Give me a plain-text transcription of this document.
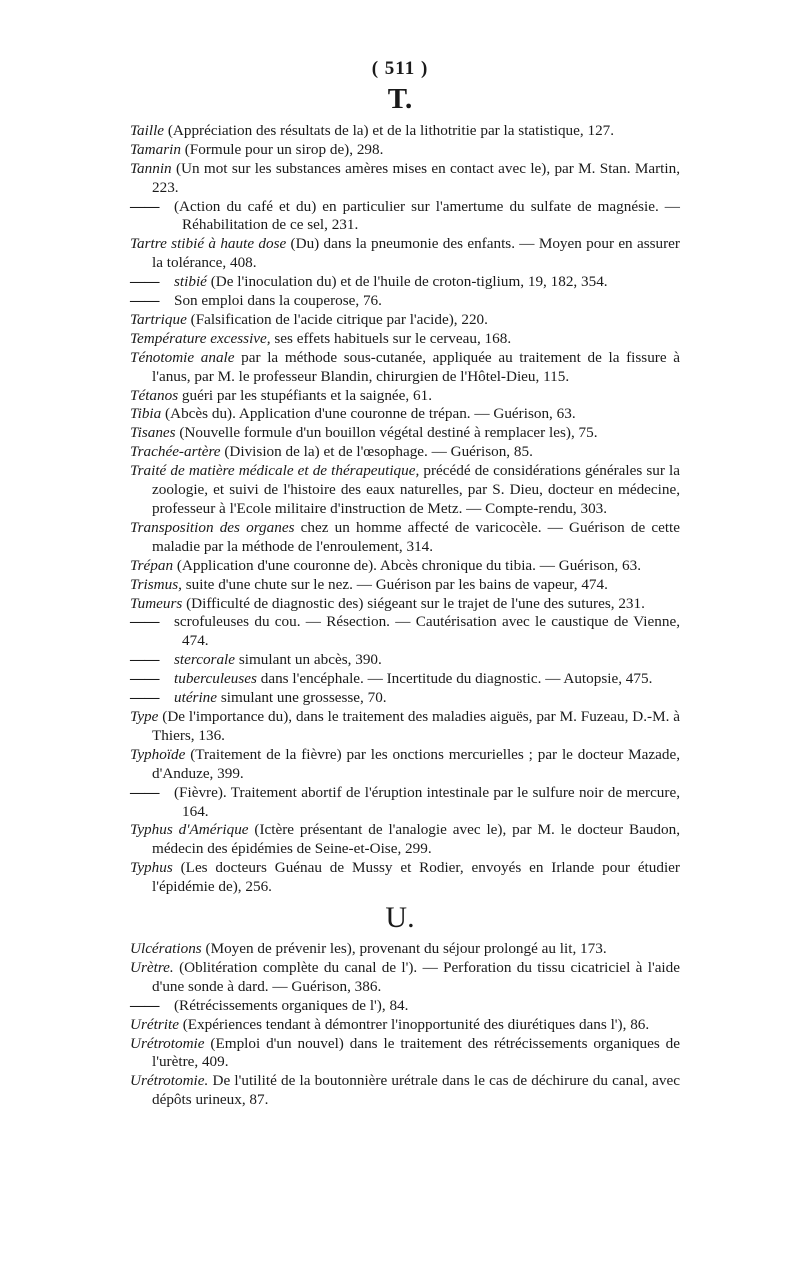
( 511 )
T.
Taille (Appréciation des résultats de la) et de la lithotritie par la statistique, 127.
Tamarin (Formule pour un sirop de), 298.
Tannin (Un mot sur les substances amères mises en contact avec le), par M. Stan. Martin, 223.
—— (Action du café et du) en particulier sur l'amertume du sulfate de magnésie. — Réhabilitation de ce sel, 231.
Tartre stibié à haute dose (Du) dans la pneumonie des enfants. — Moyen pour en assurer la tolérance, 408.
—— stibié (De l'inoculation du) et de l'huile de croton-tiglium, 19, 182, 354.
—— Son emploi dans la couperose, 76.
Tartrique (Falsification de l'acide citrique par l'acide), 220.
Température excessive, ses effets habituels sur le cerveau, 168.
Ténotomie anale par la méthode sous-cutanée, appliquée au traitement de la fissure à l'anus, par M. le professeur Blandin, chirurgien de l'Hôtel-Dieu, 115.
Tétanos guéri par les stupéfiants et la saignée, 61.
Tibia (Abcès du). Application d'une couronne de trépan. — Guérison, 63.
Tisanes (Nouvelle formule d'un bouillon végétal destiné à remplacer les), 75.
Trachée-artère (Division de la) et de l'œsophage. — Guérison, 85.
Traité de matière médicale et de thérapeutique, précédé de considérations générales sur la zoologie, et suivi de l'histoire des eaux naturelles, par S. Dieu, docteur en médecine, professeur à l'Ecole militaire d'instruction de Metz. — Compte-rendu, 303.
Transposition des organes chez un homme affecté de varicocèle. — Guérison de cette maladie par la méthode de l'enroulement, 314.
Trépan (Application d'une couronne de). Abcès chronique du tibia. — Guérison, 63.
Trismus, suite d'une chute sur le nez. — Guérison par les bains de vapeur, 474.
Tumeurs (Difficulté de diagnostic des) siégeant sur le trajet de l'une des sutures, 231.
—— scrofuleuses du cou. — Résection. — Cautérisation avec le caustique de Vienne, 474.
—— stercorale simulant un abcès, 390.
—— tuberculeuses dans l'encéphale. — Incertitude du diagnostic. — Autopsie, 475.
—— utérine simulant une grossesse, 70.
Type (De l'importance du), dans le traitement des maladies aiguës, par M. Fuzeau, D.-M. à Thiers, 136.
Typhoïde (Traitement de la fièvre) par les onctions mercurielles ; par le docteur Mazade, d'Anduze, 399.
—— (Fièvre). Traitement abortif de l'éruption intestinale par le sulfure noir de mercure, 164.
Typhus d'Amérique (Ictère présentant de l'analogie avec le), par M. le docteur Baudon, médecin des épidémies de Seine-et-Oise, 299.
Typhus (Les docteurs Guénau de Mussy et Rodier, envoyés en Irlande pour étudier l'épidémie de), 256.
U.
Ulcérations (Moyen de prévenir les), provenant du séjour prolongé au lit, 173.
Urètre. (Oblitération complète du canal de l'). — Perforation du tissu cicatriciel à l'aide d'une sonde à dard. — Guérison, 386.
—— (Rétrécissements organiques de l'), 84.
Urétrite (Expériences tendant à démontrer l'inopportunité des diurétiques dans l'), 86.
Urétrotomie (Emploi d'un nouvel) dans le traitement des rétrécissements organiques de l'urètre, 409.
Urétrotomie. De l'utilité de la boutonnière urétrale dans le cas de déchirure du canal, avec dépôts urineux, 87.
